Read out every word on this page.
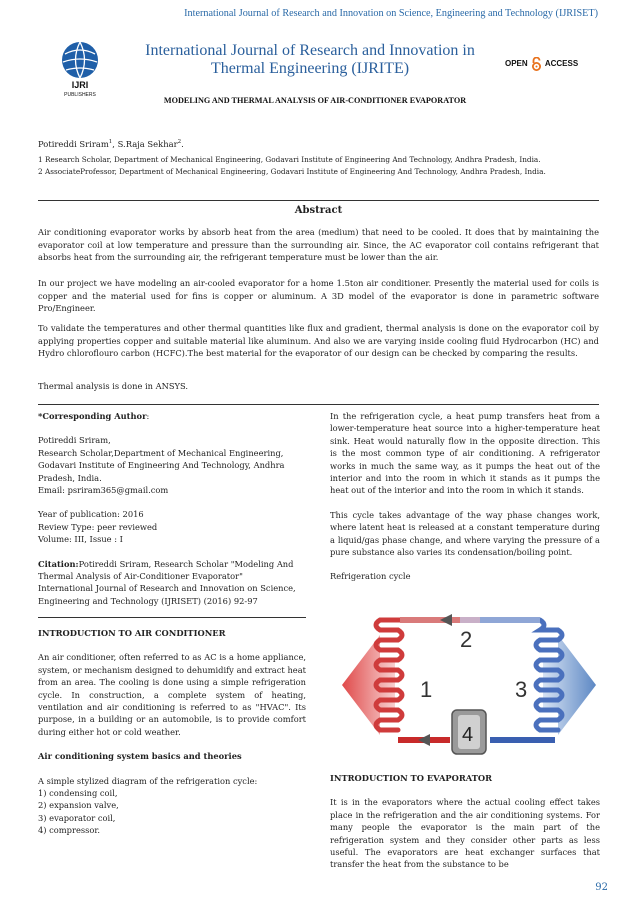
International Journal of Research and Innovation on Science, Engineering and Technology (IJRISET)
IJRI
PUBLISHERS
International Journal of Research and Innovation in Thermal Engineering (IJRITE)	OPEN ACCESS
MODELING AND THERMAL ANALYSIS OF AIR-CONDITIONER EVAPORATOR
Potireddi Sriram$^1$, S.Raja Sekhar$^2$.
1 Research Scholar, Department of Mechanical Engineering, Godavari Institute of Engineering And Technology, Andhra Pradesh, India.
2 AssociateProfessor, Department of Mechanical Engineering, Godavari Institute of Engineering And Technology, Andhra Pradesh, India.
Abstract
Air conditioning evaporator works by absorb heat from the area (medium) that need to be cooled. It does that by maintaining the evaporator coil at low temperature and pressure than the surrounding air. Since, the AC evaporator coil contains refrigerant that absorbs heat from the surrounding air, the refrigerant temperature must be lower than the air.
In our project we have modeling an air-cooled evaporator for a home 1.5ton air conditioner. Presently the material used for coils is copper and the material used for fins is copper or aluminum. A 3D model of the evaporator is done in parametric software Pro/Engineer.
To validate the temperatures and other thermal quantities like flux and gradient, thermal analysis is done on the evaporator coil by applying properties copper and suitable material like aluminum. And also we are varying inside cooling fluid Hydrocarbon (HC) and Hydro chloroflouro carbon (HCFC).The best material for the evaporator of our design can be checked by comparing the results.
Thermal analysis is done in ANSYS.

*Corresponding Author:

Potireddi Sriram,

Research Scholar,Department of Mechanical Engineering, Godavari Institute of Engineering And Technology, Andhra Pradesh, India.

Email: psriram365@gmail.com

Year of publication: 2016

Review Type: peer reviewed

Volume: III, Issue : I

Citation:Potireddi Sriram, Research Scholar "Modeling And Thermal Analysis of Air-Conditioner Evaporator" International Journal of Research and Innovation on Science, Engineering and Technology (IJRISET) (2016) 92-97

INTRODUCTION TO AIR CONDITIONER

An air conditioner, often referred to as AC is a home appliance, system, or mechanism designed to dehumidify and extract heat from an area. The cooling is done using a simple refrigeration cycle. In construction, a complete system of heating, ventilation and air conditioning is referred to as "HVAC". Its purpose, in a building or an automobile, is to provide comfort during either hot or cold weather.

Air conditioning system basics and theories

A simple stylized diagram of the refrigeration cycle:

1) condensing coil,

2) expansion valve,

3) evaporator coil,

4) compressor.

In the refrigeration cycle, a heat pump transfers heat from a lower-temperature heat source into a higher-temperature heat sink. Heat would naturally flow in the opposite direction. This is the most common type of air conditioning. A refrigerator works in much the same way, as it pumps the heat out of the interior and into the room in which it stands as it pumps the heat out of the interior and into the room in which it stands.

This cycle takes advantage of the way phase changes work, where latent heat is released at a constant temperature during a liquid/gas phase change, and where varying the pressure of a pure substance also varies its condensation/boiling point.

Refrigeration cycle

1
2
3
4

INTRODUCTION TO EVAPORATOR

It is in the evaporators where the actual cooling effect takes place in the refrigeration and the air conditioning systems. For many people the evaporator is the main part of the refrigeration system and they consider other parts as less useful. The evaporators are heat exchanger surfaces that transfer the heat from the substance to be

92
